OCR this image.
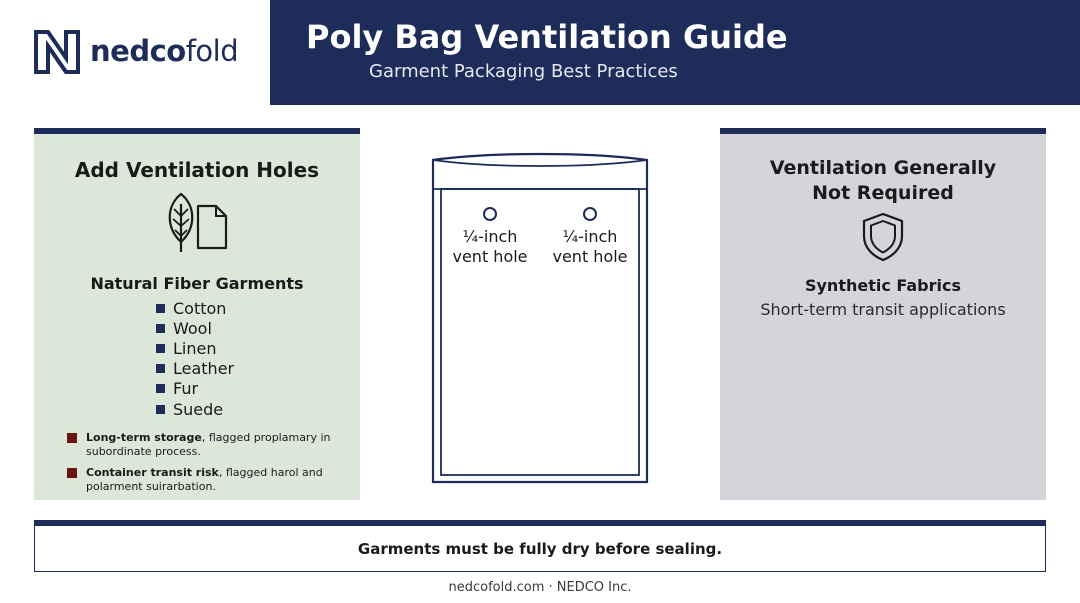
nedcofold Poly Bag Ventilation Guide
Garment Packaging Best Practices
Add Ventilation Holes
Natural Fiber Garments
Cotton
Wool
Linen
Leather
Fur
Suede
Long-term storage, flagged proplamary in subordinate process.
Container transit risk, flagged harol and polarment suirarbation.
¼-inch
vent hole
¼-inch
vent hole
Ventilation Generally
Not Required
Synthetic Fabrics
Short-term transit applications
Garments must be fully dry before sealing.
nedcofold.com · NEDCO Inc.
